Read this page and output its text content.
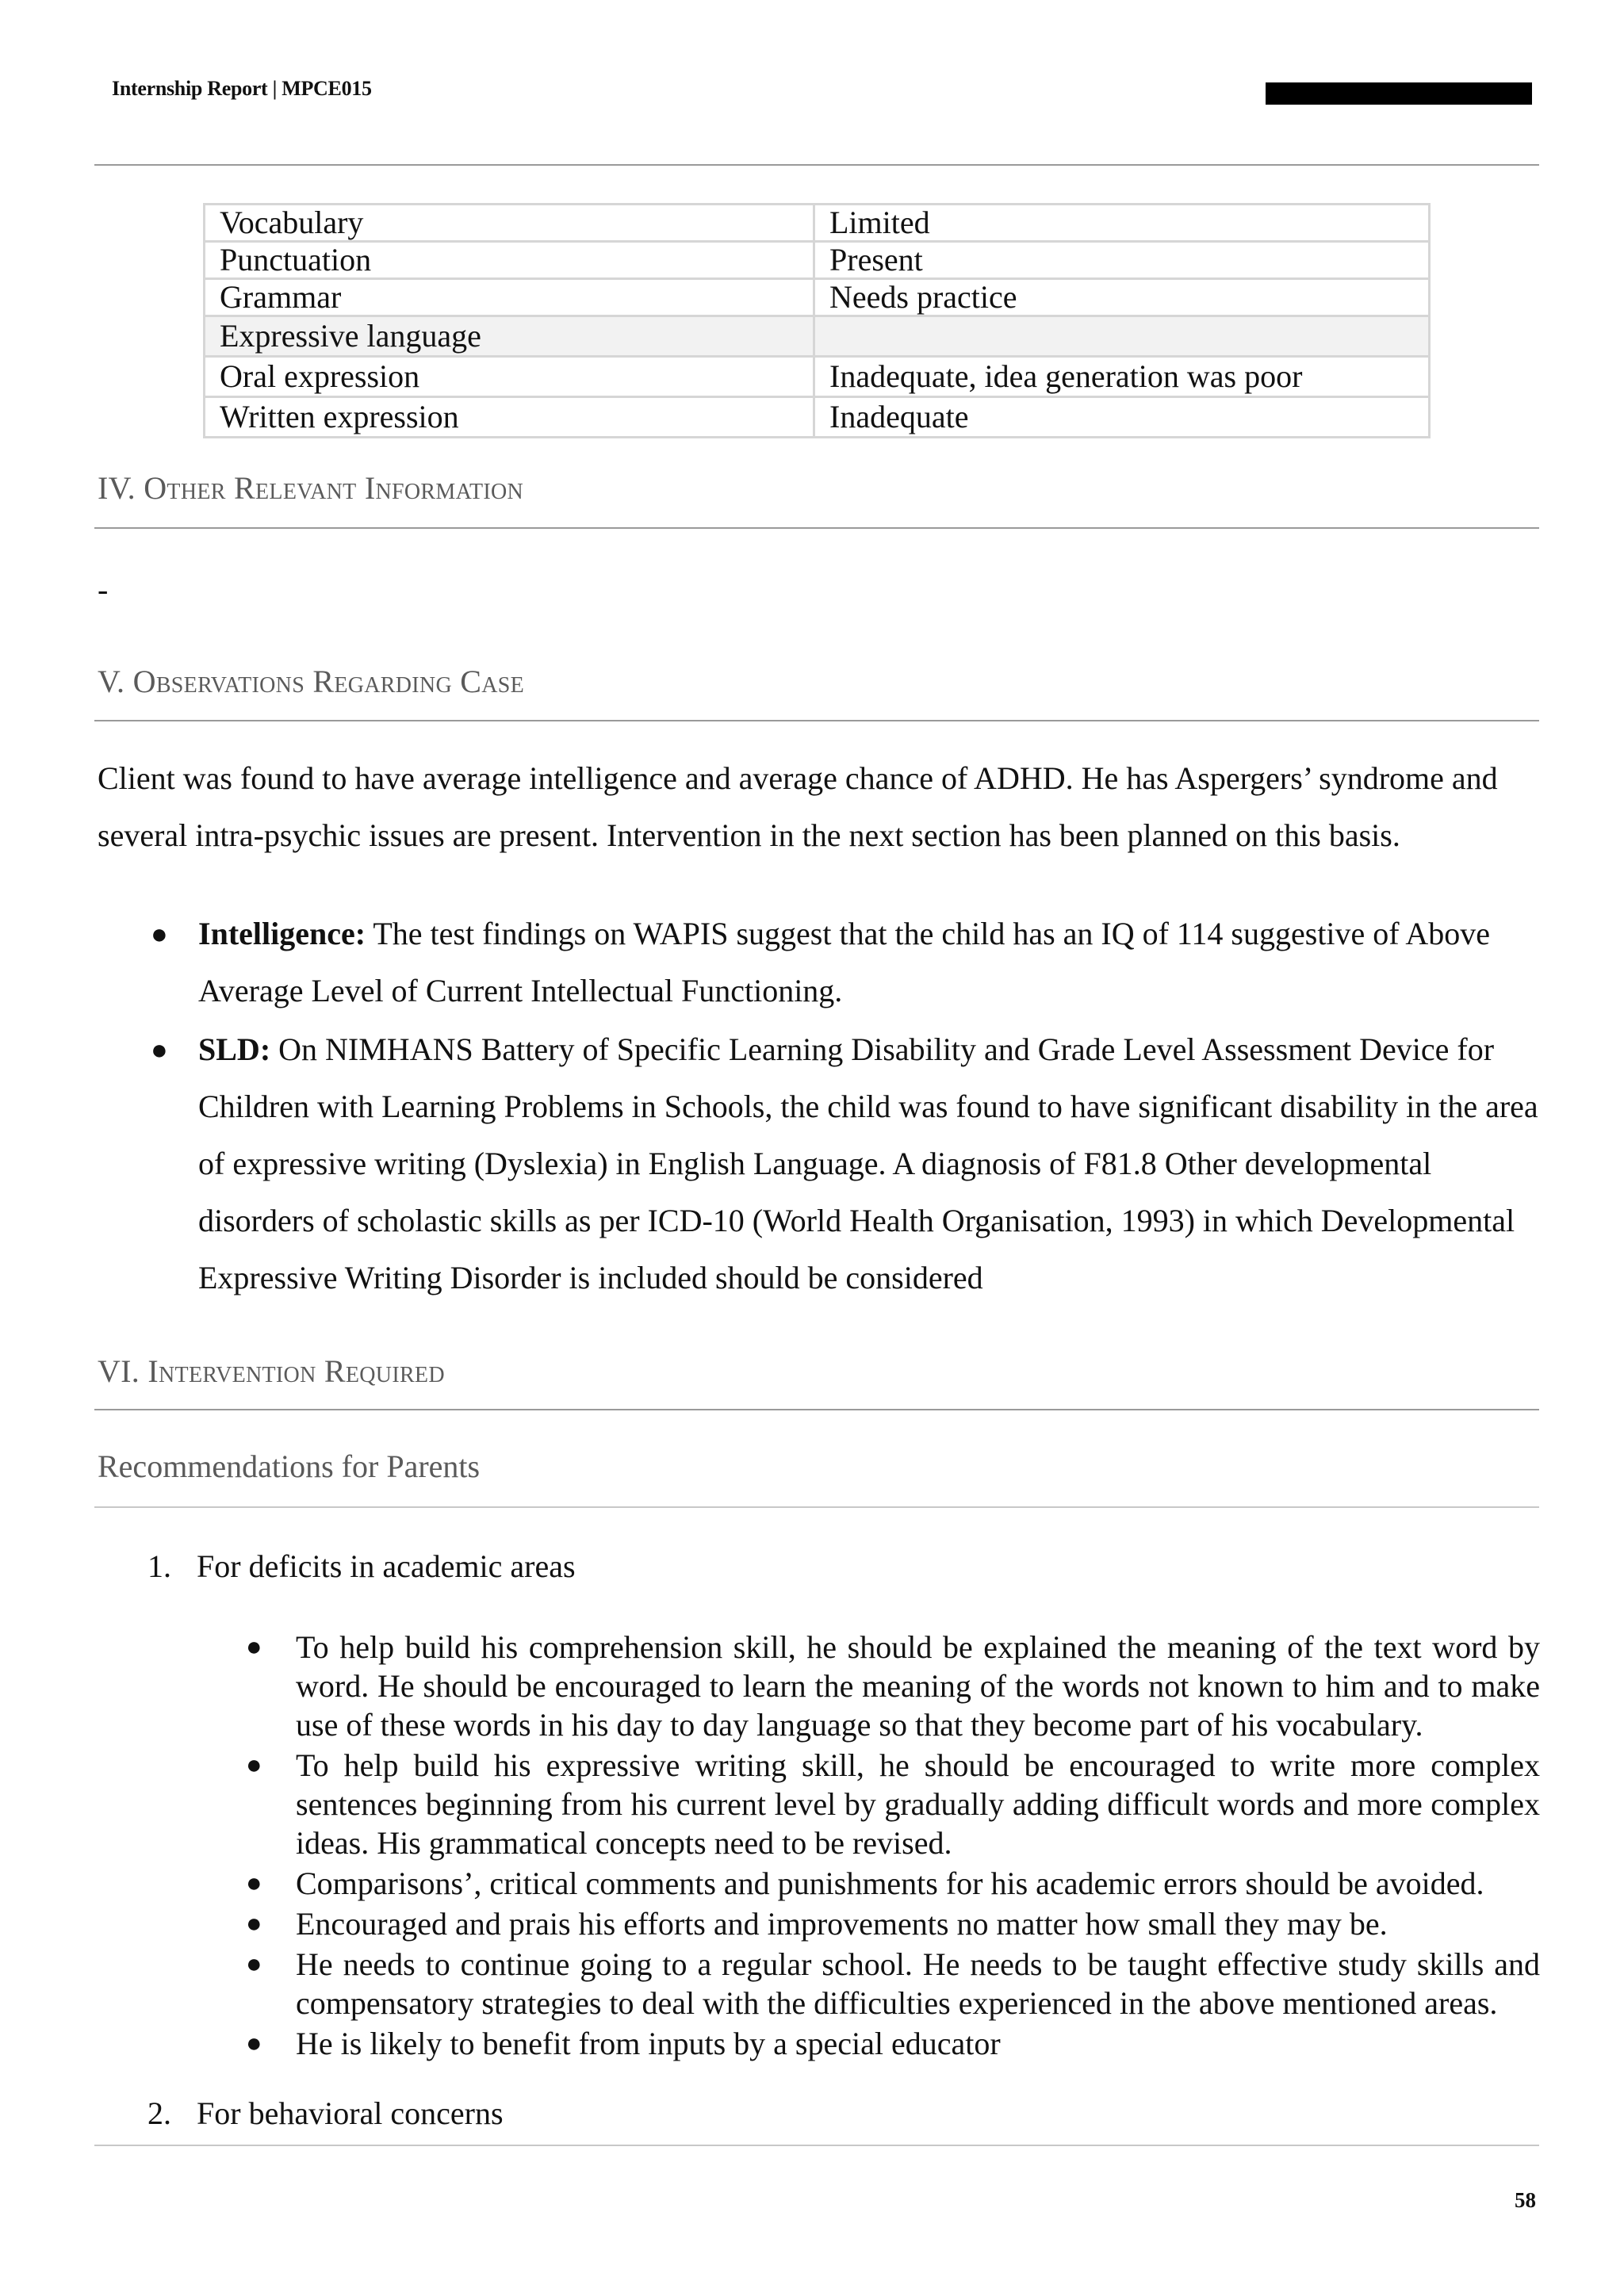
Internship Report | MPCE015
Vocabulary	Limited
Punctuation	Present
Grammar	Needs practice
Expressive language	
Oral expression	Inadequate, idea generation was poor
Written expression	Inadequate
IV. Other Relevant Information
-
V. Observations Regarding Case
Client was found to have average intelligence and average chance of ADHD. He has Aspergers’ syndrome and several intra-psychic issues are present. Intervention in the next section has been planned on this basis.
● Intelligence: The test findings on WAPIS suggest that the child has an IQ of 114 suggestive of Above Average Level of Current Intellectual Functioning.
● SLD: On NIMHANS Battery of Specific Learning Disability and Grade Level Assessment Device for Children with Learning Problems in Schools, the child was found to have significant disability in the area of expressive writing (Dyslexia) in English Language. A diagnosis of F81.8 Other developmental disorders of scholastic skills as per ICD-10 (World Health Organisation, 1993) in which Developmental Expressive Writing Disorder is included should be considered
VI. Intervention Required
Recommendations for Parents
1. For deficits in academic areas
● To help build his comprehension skill, he should be explained the meaning of the text word by word. He should be encouraged to learn the meaning of the words not known to him and to make use of these words in his day to day language so that they become part of his vocabulary.
● To help build his expressive writing skill, he should be encouraged to write more complex sentences beginning from his current level by gradually adding difficult words and more complex ideas. His grammatical concepts need to be revised.
● Comparisons’, critical comments and punishments for his academic errors should be avoided.
● Encouraged and prais his efforts and improvements no matter how small they may be.
● He needs to continue going to a regular school. He needs to be taught effective study skills and compensatory strategies to deal with the difficulties experienced in the above mentioned areas.
● He is likely to benefit from inputs by a special educator
2. For behavioral concerns
58
